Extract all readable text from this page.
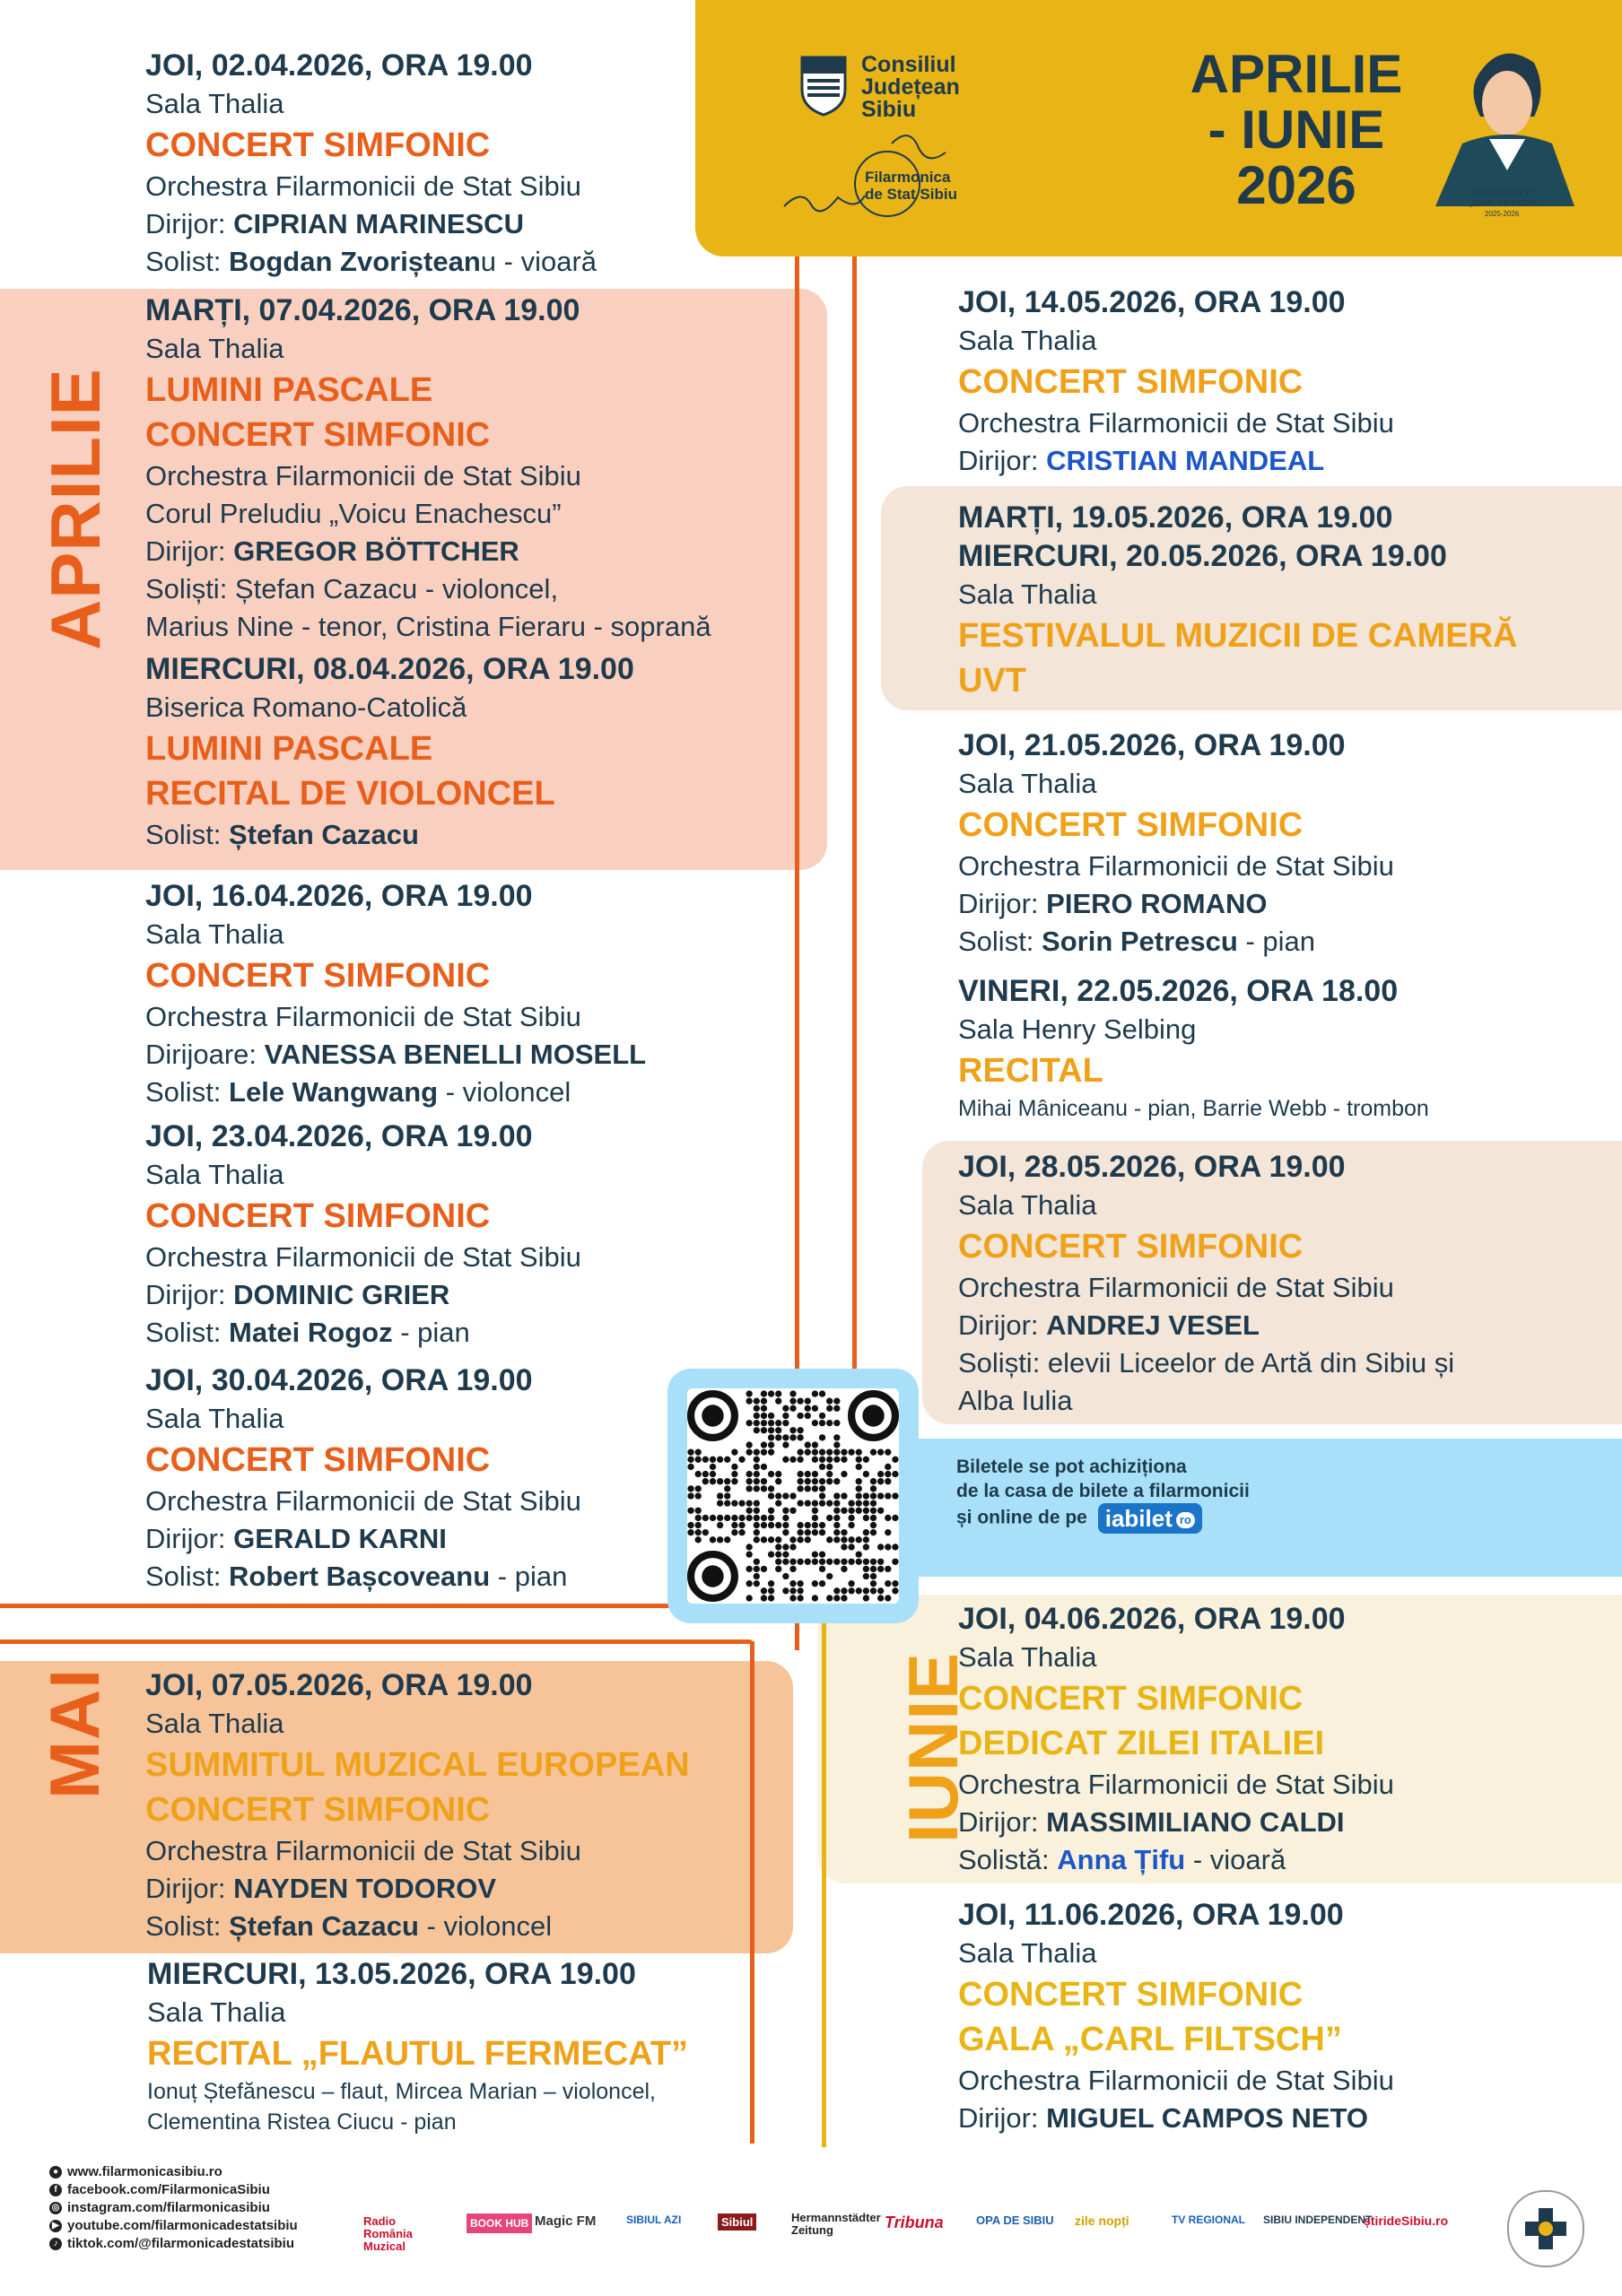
Consiliul Județean Sibiu
Filarmonica de Stat Sibiu
APRILIE
- IUNIE
2026	STAGIUNEA 77
„CARL FILTSCH”
2025-2026
APRILIE
MAI	IUNIE
JOI, 02.04.2026, ORA 19.00
Sala Thalia
CONCERT SIMFONIC
Orchestra Filarmonicii de Stat Sibiu
Dirijor: CIPRIAN MARINESCU
Solist: Bogdan Zvorișteanu - vioară
MARȚI, 07.04.2026, ORA 19.00
Sala Thalia
LUMINI PASCALE
CONCERT SIMFONIC
Orchestra Filarmonicii de Stat Sibiu
Corul Preludiu „Voicu Enachescu”
Dirijor: GREGOR BÖTTCHER
Soliști: Ștefan Cazacu - violoncel,
Marius Nine - tenor, Cristina Fieraru - soprană
MIERCURI, 08.04.2026, ORA 19.00
Biserica Romano-Catolică
LUMINI PASCALE
RECITAL DE VIOLONCEL
Solist: Ștefan Cazacu
JOI, 16.04.2026, ORA 19.00
Sala Thalia
CONCERT SIMFONIC
Orchestra Filarmonicii de Stat Sibiu
Dirijoare: VANESSA BENELLI MOSELL
Solist: Lele Wangwang - violoncel
JOI, 23.04.2026, ORA 19.00
Sala Thalia
CONCERT SIMFONIC
Orchestra Filarmonicii de Stat Sibiu
Dirijor: DOMINIC GRIER
Solist: Matei Rogoz - pian
JOI, 30.04.2026, ORA 19.00
Sala Thalia
CONCERT SIMFONIC
Orchestra Filarmonicii de Stat Sibiu
Dirijor: GERALD KARNI
Solist: Robert Bașcoveanu - pian
JOI, 07.05.2026, ORA 19.00
Sala Thalia
SUMMITUL MUZICAL EUROPEAN
CONCERT SIMFONIC
Orchestra Filarmonicii de Stat Sibiu
Dirijor: NAYDEN TODOROV
Solist: Ștefan Cazacu - violoncel
MIERCURI, 13.05.2026, ORA 19.00
Sala Thalia
RECITAL „FLAUTUL FERMECAT”
Ionuț Ștefănescu – flaut, Mircea Marian – violoncel,
Clementina Ristea Ciucu - pian
JOI, 14.05.2026, ORA 19.00
Sala Thalia
CONCERT SIMFONIC
Orchestra Filarmonicii de Stat Sibiu
Dirijor: CRISTIAN MANDEAL
MARȚI, 19.05.2026, ORA 19.00
MIERCURI, 20.05.2026, ORA 19.00
Sala Thalia
FESTIVALUL MUZICII DE CAMERĂ
UVT
JOI, 21.05.2026, ORA 19.00
Sala Thalia
CONCERT SIMFONIC
Orchestra Filarmonicii de Stat Sibiu
Dirijor: PIERO ROMANO
Solist: Sorin Petrescu - pian
VINERI, 22.05.2026, ORA 18.00
Sala Henry Selbing
RECITAL
Mihai Mâniceanu - pian, Barrie Webb - trombon
JOI, 28.05.2026, ORA 19.00
Sala Thalia
CONCERT SIMFONIC
Orchestra Filarmonicii de Stat Sibiu
Dirijor: ANDREJ VESEL
Soliști: elevii Liceelor de Artă din Sibiu și
Alba Iulia
Biletele se pot achiziționa
de la casa de bilete a filarmonicii
și online de pe iabilet ro
JOI, 04.06.2026, ORA 19.00
Sala Thalia
CONCERT SIMFONIC
DEDICAT ZILEI ITALIEI
Orchestra Filarmonicii de Stat Sibiu
Dirijor: MASSIMILIANO CALDI
Solistă: Anna Țifu - vioară
JOI, 11.06.2026, ORA 19.00
Sala Thalia
CONCERT SIMFONIC
GALA „CARL FILTSCH”
Orchestra Filarmonicii de Stat Sibiu
Dirijor: MIGUEL CAMPOS NETO
● www.filarmonicasibiu.ro
f facebook.com/FilarmonicaSibiu
◎ instagram.com/filarmonicasibiu
▶ youtube.com/filarmonicadestatsibiu
♪ tiktok.com/@filarmonicadestatsibiu
Radio România Muzical
BOOK HUB Magic FM	SIBIUL AZI	Sibiul	Hermannstädter Zeitung	Tribuna	OPA DE SIBIU zile nopți	TV REGIONAL SIBIU INDEPENDENT
știrideSibiu.ro
